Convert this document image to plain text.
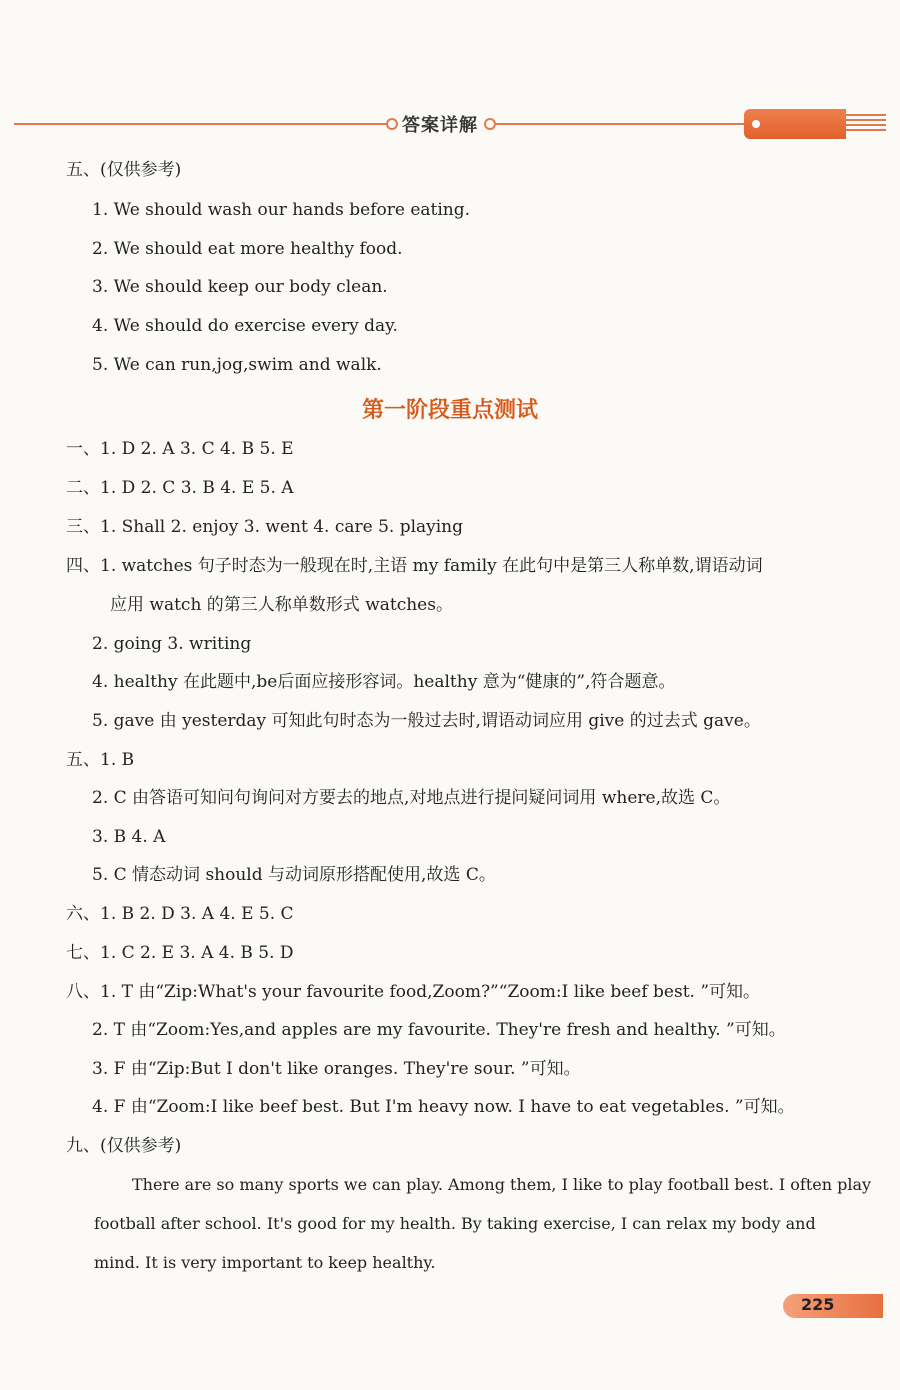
答案详解
五、(仅供参考)
1. We should wash our hands before eating.
2. We should eat more healthy food.
3. We should keep our body clean.
4. We should do exercise every day.
5. We can run,jog,swim and walk.
第一阶段重点测试
一、1. D 2. A 3. C 4. B 5. E
二、1. D 2. C 3. B 4. E 5. A
三、1. Shall 2. enjoy 3. went 4. care 5. playing
四、1. watches 句子时态为一般现在时,主语 my family 在此句中是第三人称单数,谓语动词
应用 watch 的第三人称单数形式 watches。
2. going 3. writing
4. healthy 在此题中,be后面应接形容词。healthy 意为“健康的”,符合题意。
5. gave 由 yesterday 可知此句时态为一般过去时,谓语动词应用 give 的过去式 gave。
五、1. B
2. C 由答语可知问句询问对方要去的地点,对地点进行提问疑问词用 where,故选 C。
3. B 4. A
5. C 情态动词 should 与动词原形搭配使用,故选 C。
六、1. B 2. D 3. A 4. E 5. C
七、1. C 2. E 3. A 4. B 5. D
八、1. T 由“Zip:What's your favourite food,Zoom?”“Zoom:I like beef best. ”可知。
2. T 由“Zoom:Yes,and apples are my favourite. They're fresh and healthy. ”可知。
3. F 由“Zip:But I don't like oranges. They're sour. ”可知。
4. F 由“Zoom:I like beef best. But I'm heavy now. I have to eat vegetables. ”可知。
九、(仅供参考)
There are so many sports we can play. Among them, I like to play football best. I often play
football after school. It's good for my health. By taking exercise, I can relax my body and
mind. It is very important to keep healthy.
225
